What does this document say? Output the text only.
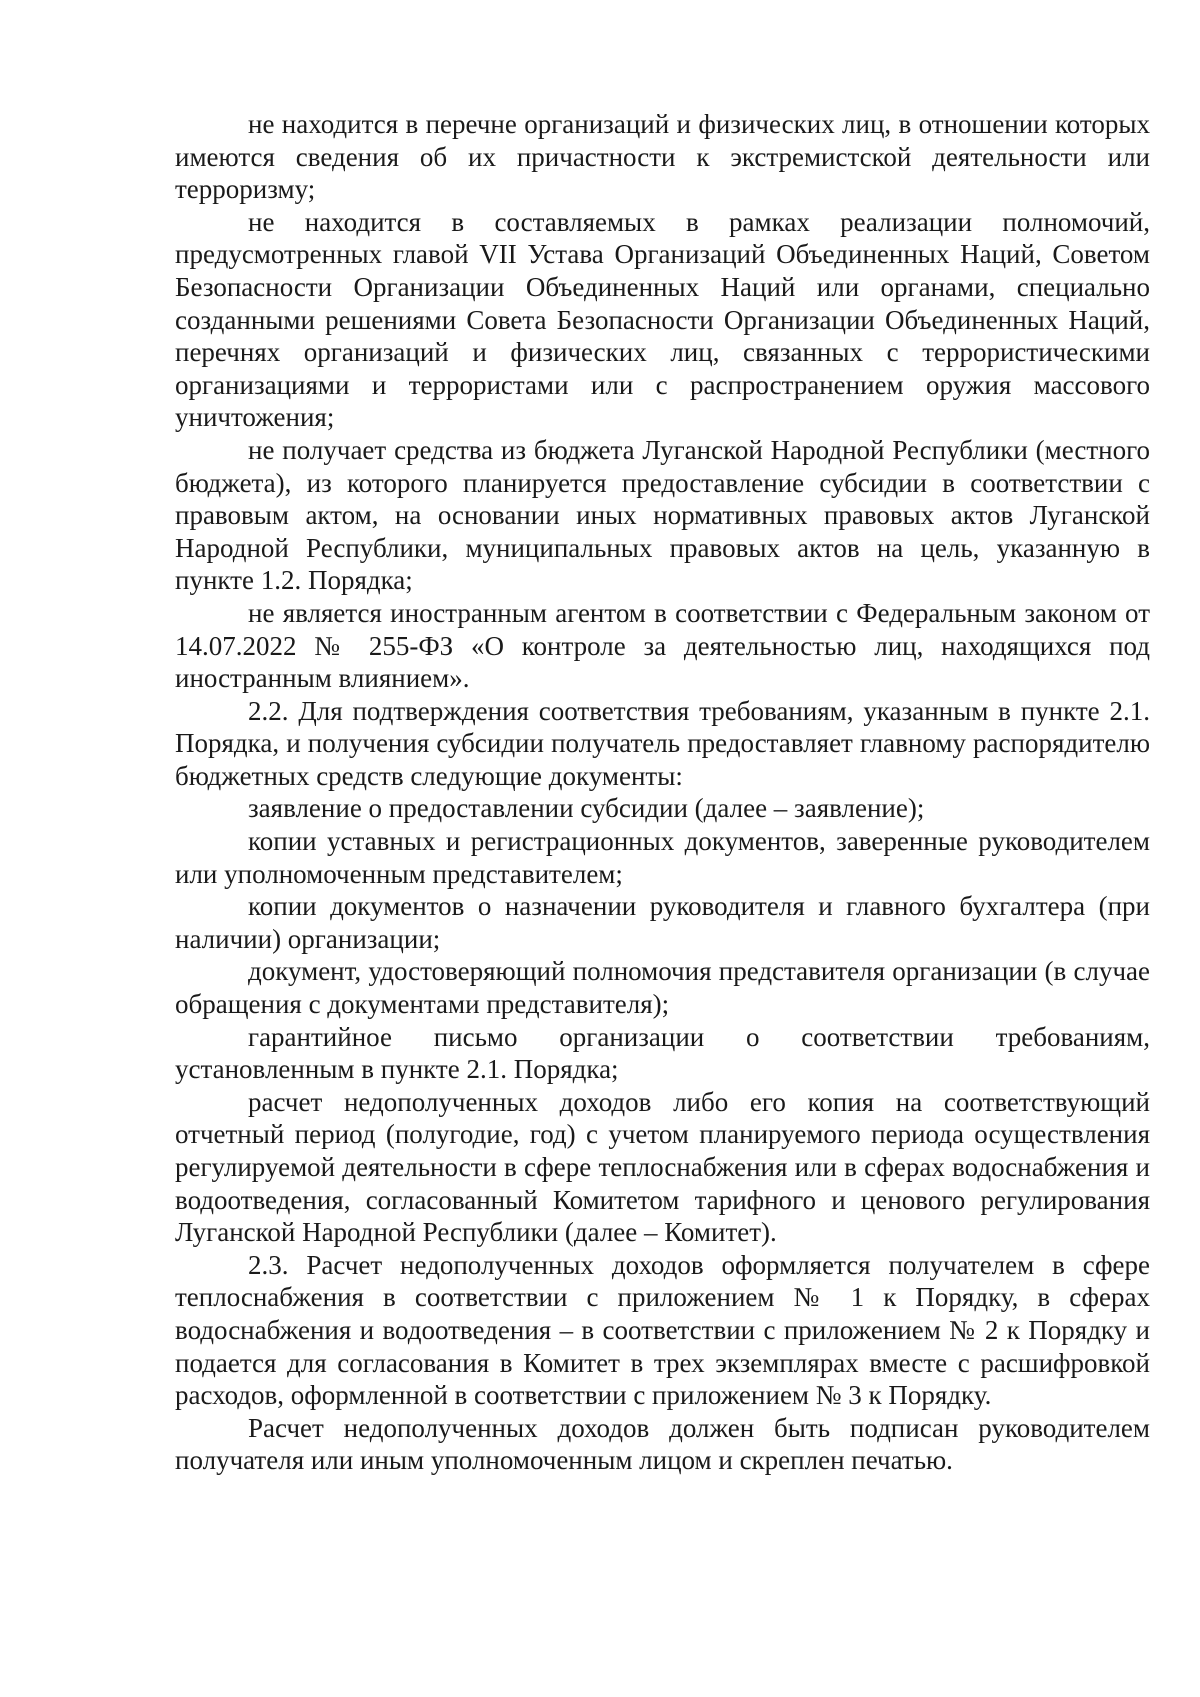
не находится в перечне организаций и физических лиц, в отношении которых имеются сведения об их причастности к экстремистской деятельности или терроризму;

не находится в составляемых в рамках реализации полномочий, предусмотренных главой VII Устава Организаций Объединенных Наций, Советом Безопасности Организации Объединенных Наций или органами, специально созданными решениями Совета Безопасности Организации Объединенных Наций, перечнях организаций и физических лиц, связанных с террористическими организациями и террористами или с распространением оружия массового уничтожения;

не получает средства из бюджета Луганской Народной Республики (местного бюджета), из которого планируется предоставление субсидии в соответствии с правовым актом, на основании иных нормативных правовых актов Луганской Народной Республики, муниципальных правовых актов на цель, указанную в пункте 1.2. Порядка;

не является иностранным агентом в соответствии с Федеральным законом от 14.07.2022 № 255-ФЗ «О контроле за деятельностью лиц, находящихся под иностранным влиянием».

2.2. Для подтверждения соответствия требованиям, указанным в пункте 2.1. Порядка, и получения субсидии получатель предоставляет главному распорядителю бюджетных средств следующие документы:

заявление о предоставлении субсидии (далее – заявление);

копии уставных и регистрационных документов, заверенные руководителем или уполномоченным представителем;

копии документов о назначении руководителя и главного бухгалтера (при наличии) организации;

документ, удостоверяющий полномочия представителя организации (в случае обращения с документами представителя);

гарантийное письмо организации о соответствии требованиям, установленным в пункте 2.1. Порядка;

расчет недополученных доходов либо его копия на соответствующий отчетный период (полугодие, год) с учетом планируемого периода осуществления регулируемой деятельности в сфере теплоснабжения или в сферах водоснабжения и водоотведения, согласованный Комитетом тарифного и ценового регулирования Луганской Народной Республики (далее – Комитет).

2.3. Расчет недополученных доходов оформляется получателем в сфере теплоснабжения в соответствии с приложением № 1 к Порядку, в сферах водоснабжения и водоотведения – в соответствии с приложением № 2 к Порядку и подается для согласования в Комитет в трех экземплярах вместе с расшифровкой расходов, оформленной в соответствии с приложением № 3 к Порядку.

Расчет недополученных доходов должен быть подписан руководителем получателя или иным уполномоченным лицом и скреплен печатью.
